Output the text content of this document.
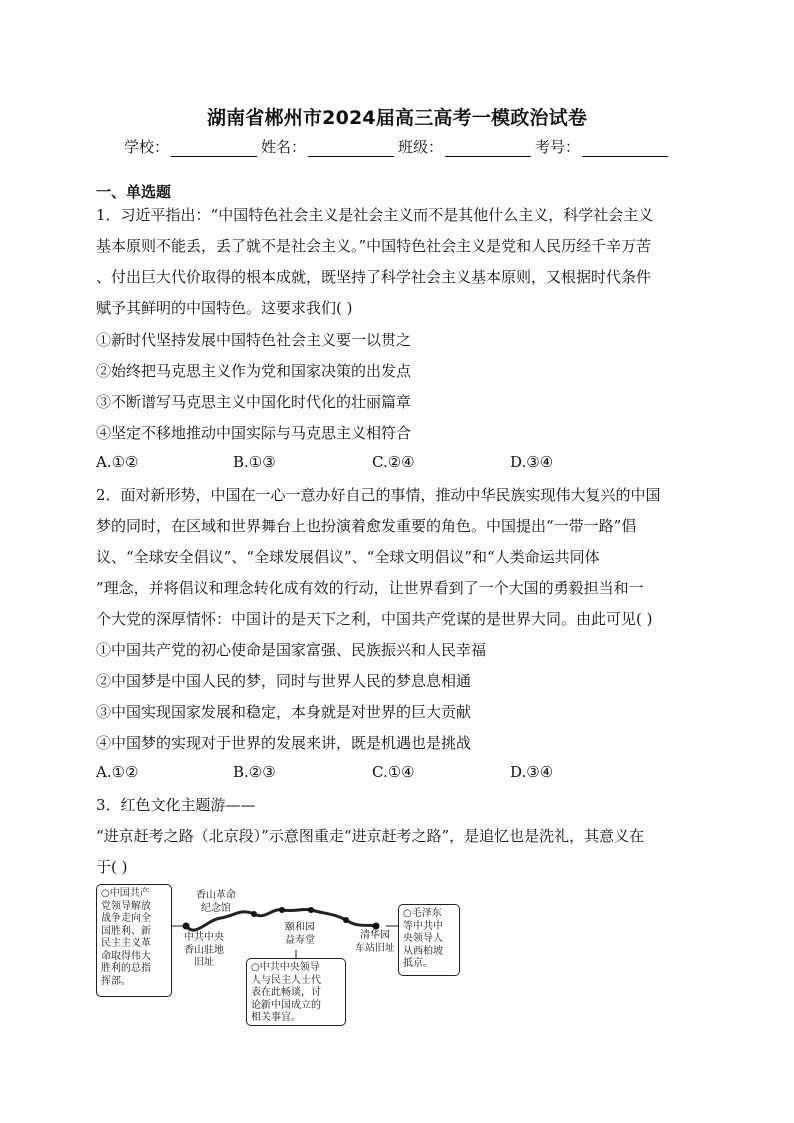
湖南省郴州市2024届高三高考一模政治试卷
学校：	姓名：	班级：	考号：
一、单选题
1．习近平指出：“中国特色社会主义是社会主义而不是其他什么主义，科学社会主义
基本原则不能丢，丢了就不是社会主义。”中国特色社会主义是党和人民历经千辛万苦
、付出巨大代价取得的根本成就，既坚持了科学社会主义基本原则，又根据时代条件
赋予其鲜明的中国特色。这要求我们( )
①新时代坚持发展中国特色社会主义要一以贯之
②始终把马克思主义作为党和国家决策的出发点
③不断谱写马克思主义中国化时代化的壮丽篇章
④坚定不移地推动中国实际与马克思主义相符合
A.①②	B.①③	C.②④	D.③④
2．面对新形势，中国在一心一意办好自己的事情，推动中华民族实现伟大复兴的中国
梦的同时，在区域和世界舞台上也扮演着愈发重要的角色。中国提出“一带一路”倡
议、“全球安全倡议”、“全球发展倡议”、“全球文明倡议”和“人类命运共同体
”理念，并将倡议和理念转化成有效的行动，让世界看到了一个大国的勇毅担当和一
个大党的深厚情怀：中国计的是天下之利，中国共产党谋的是世界大同。由此可见( )
①中国共产党的初心使命是国家富强、民族振兴和人民幸福
②中国梦是中国人民的梦，同时与世界人民的梦息息相通
③中国实现国家发展和稳定，本身就是对世界的巨大贡献
④中国梦的实现对于世界的发展来讲，既是机遇也是挑战
A.①②	B.②③	C.①④	D.③④
3．红色文化主题游——
“进京赶考之路（北京段）”示意图重走“进京赶考之路”，是追忆也是洗礼，其意义在
于( )
○中国共产
党领导解放
战争走向全
国胜利、新
民主主义革
命取得伟大
胜利的总指
挥部。
中共中央
香山驻地
旧址
香山革命
纪念馆
颐和园
益寿堂	清华园
车站旧址
○中共中央领导
人与民主人士代
表在此畅谈，讨
论新中国成立的
相关事宜。
○毛泽东
等中共中
央领导人
从西柏坡
抵京。
